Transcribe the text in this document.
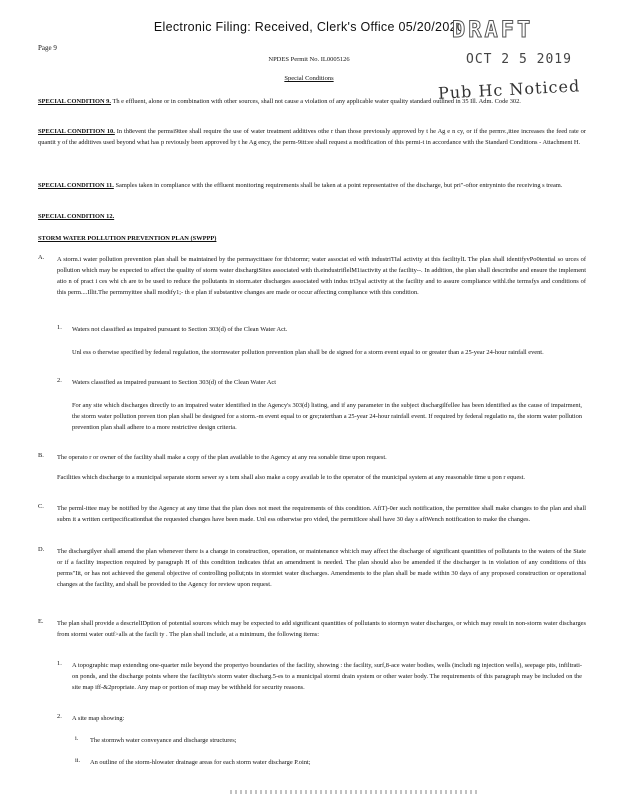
Electronic Filing: Received, Clerk's Office 05/20/2020
DRAFT
OCT 2 5 2019
Pub Hc Noticed
Page 9
NPDES Permit No. IL0005126
Special Conditions
SPECIAL CONDITION 9. Th e effluent, alone or in combination with other sources, shall not cause a violation of any applicable water quality standard outlined in 35 Ill. Adm. Code 302.
SPECIAL CONDITION 10. In th8event the permsi9ttee shall require the use of water treatment additives othe r than those previously approved by t he Ag e n cy, or if the permv.,ittee increases the feed rate or quantit y of the additives used beyond what has p reviously been approved by t he Ag ency, the perm-9itt:ee shall request a modification of this permi-t in accordance with the Standard Conditions - Attachment H.
SPECIAL CONDITION 11. Samples taken in compliance with the effluent monitoring requirements shall be taken at a point representative of the discharge, but pri"-oftor entryninto the receiving s tream.
SPECIAL CONDITION 12.
STORM WATER POLLUTION PREVENTION PLAN (SWPPP)
A. A storm.i water pollution prevention plan shall be maintained by the permaycittaee for th!stormr; water associat ed with industriTIal activity at this facilitylL The plan shall identifyvPo0tential so urces of pollution which may be expected to affect the quality of storm water dischargiSites associated with th.eindustriflelM1iactivity at the facility--. In addition, the plan shall descrinibe and ensure the implement atio n of pract i ces whi ch are to be used to reduce the pollutants in storm.ater discharges associated with indus tri3yal activity at the facility and to assure compliance withl.the termsfys and conditions of this perm....Illit.The permrnyittee shall modify1;- th e plan if substantive changes are made or occur affecting compliance with this condition.
1. Waters not classified as impaired pursuant to Section 303(d) of the Clean Water Act.
Unl ess o therwise specified by federal regulation, the stormwater pollution prevention plan shall be de signed for a storm event equal to or greater than a 25-year 24-hour rainfall event.
2. Waters classified as impaired pursuant to Section 303(d) of the Clean Water Act
For any site which discharges directly to an impaired water identified in the Agency's 303(d) listing, and if any parameter in the subject dischargilfellee has been identified as the cause of impairment, the storm water pollution preven tion plan shall be designed for a storm.-m event equal to or gre;raterthan a 25-year 24-hour rainfall event. If required by federal regulatio ns, the storm water pollution prevention plan shall adhere to a more restrictive design criteria.
B. The operato r or owner of the facility shall make a copy of the plan available to the Agency at any rea sonable time upon request.
Facilities which discharge to a municipal separate storm sewer sy s tem shall also make a copy availab le to the operator of the municipal system at any reasonable time u pon r equest.
C. The perml-ittee may be notified by the Agency at any time that the plan does not meet the requirements of this condition. AfiT)-0er such notification, the permittee shall make changes to the plan and shall subm it a written certipecificationthat the requested changes have been made. Unl ess otherwise pro vided, the permitIcee shall have 30 day s aftWench notification to make the changes.
D. The dischargilyer shall amend the plan whenever there is a change in construction, operation, or maintenance whi:ich may affect the discharge of significant quantities of pollutants to the waters of the State or if a facility inspection required by paragraph H of this condition indicates thfat an amendment is needed. The plan should also be amended if the discharger is in violation of any conditions of this perms"Iit, or has not achieved the general objective of controlling pollut;nts in stormiet water discharges. Amendments to the plan shall be made within 30 days of any proposed construction or operational changes at the facility, and shall be provided to the Agency for review upon request.
E. The plan shall provide a descrielIDption of potential sources which may be expected to add significant quantities of pollutants to stormyn water discharges, or which may result in non-storm water discharges from stormi water outf>alls at the facili ty . The plan shall include, at a minimum, the following items:
1. A topographic map extending one-quarter mile beyond the propertyo boundaries of the facility, showing : the facility, surf,8-ace water bodies, wells (includi ng injection wells), seepage pits, infiltrati-on ponds, and the discharge points where the facilityts's storm water discharg.5-es to a municipal stormi drain system or other water body. The requirements of this paragraph may be included on the site map iff-&2propriate. Any map or portion of map may be withheld for security reasons.
2. A site map showing:
i. The stormwh water conveyance and discharge structures;
ii. An outline of the storm-hlowater drainage areas for each storm water discharge P.oint;
